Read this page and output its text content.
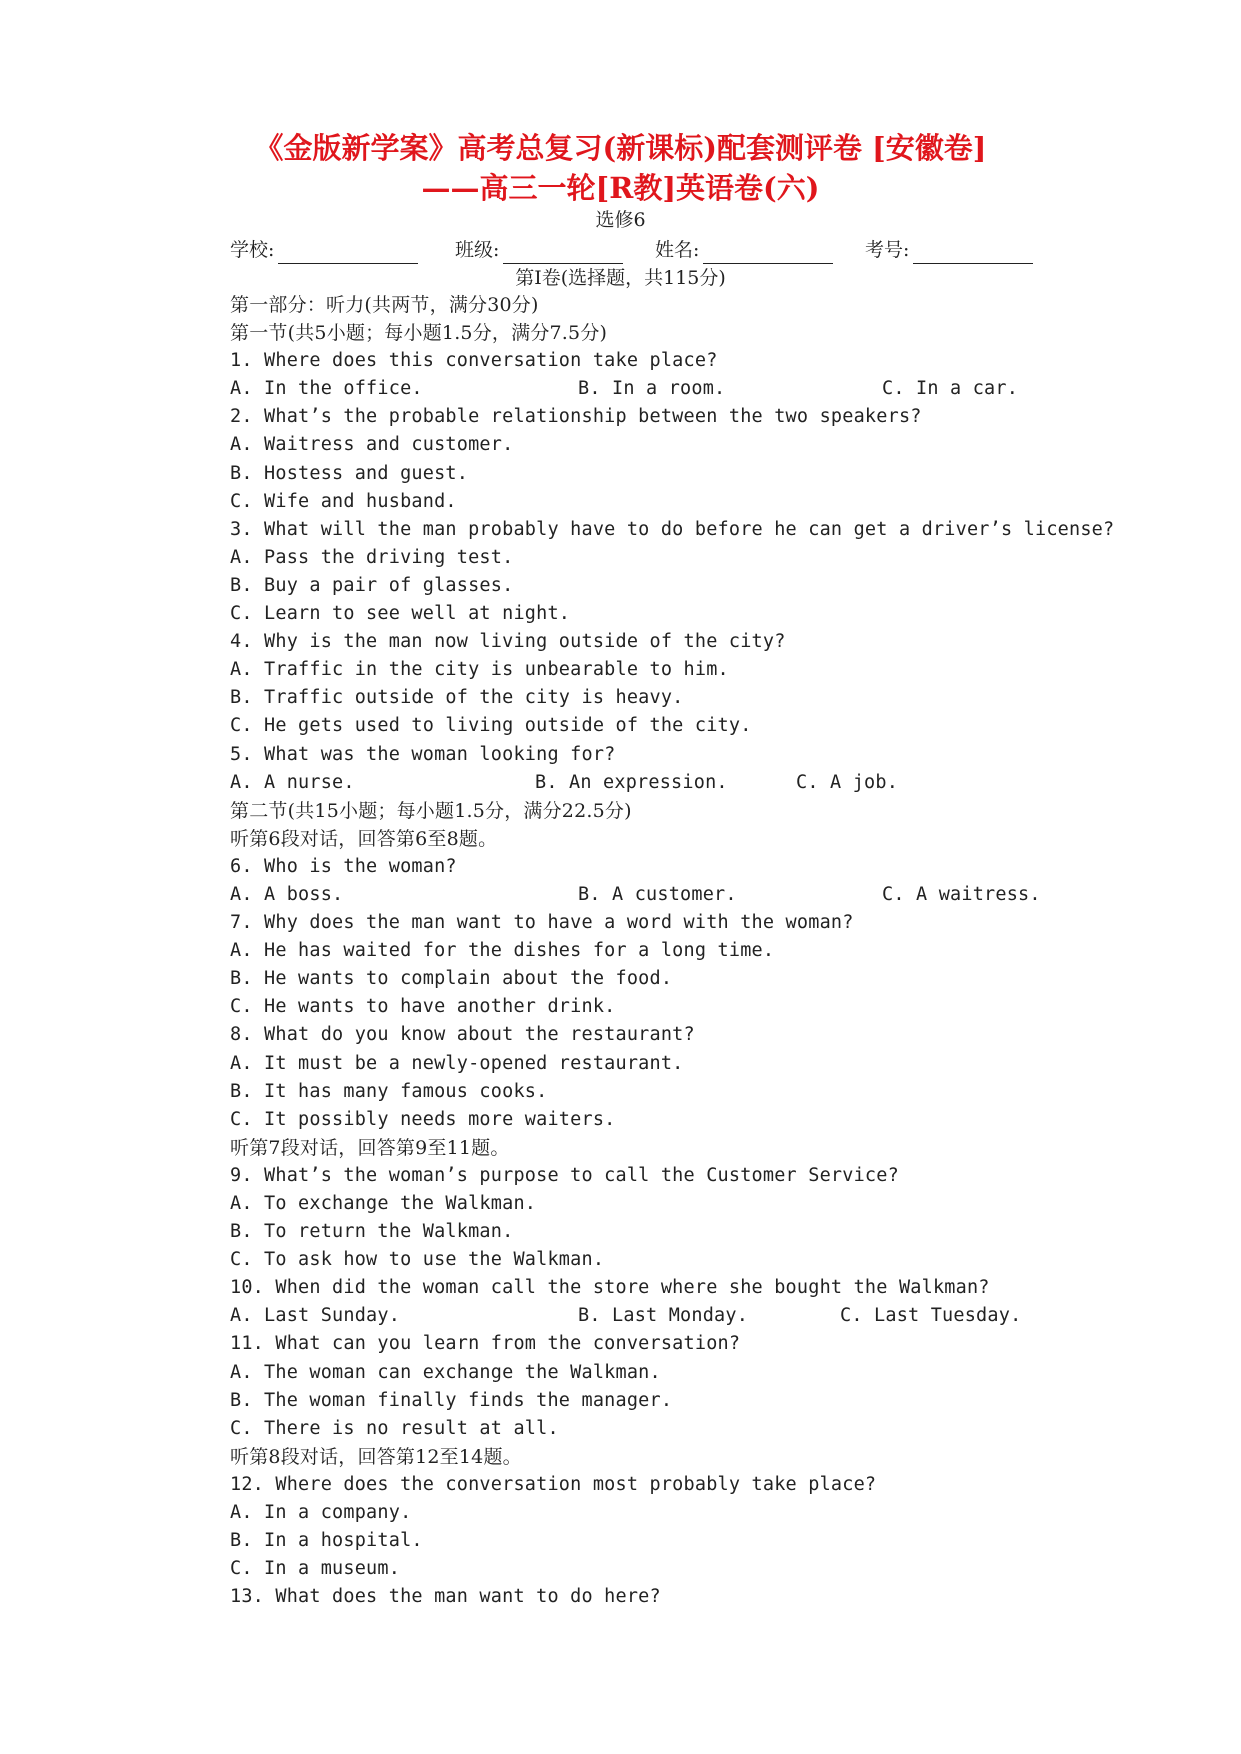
《金版新学案》高考总复习(新课标)配套测评卷 [安徽卷]
——高三一轮[R教]英语卷(六)
选修6
学校:	班级:	姓名:	考号:
第Ⅰ卷(选择题，共115分)
第一部分：听力(共两节，满分30分)
第一节(共5小题；每小题1.5分，满分7.5分)
1. Where does this conversation take place?
A. In the office.	B. In a room.	C. In a car.
2. What’s the probable relationship between the two speakers?
A. Waitress and customer.
B. Hostess and guest.
C. Wife and husband.
3. What will the man probably have to do before he can get a driver’s license?
A. Pass the driving test.
B. Buy a pair of glasses.
C. Learn to see well at night.
4. Why is the man now living outside of the city?
A. Traffic in the city is unbearable to him.
B. Traffic outside of the city is heavy.
C. He gets used to living outside of the city.
5. What was the woman looking for?
A. A nurse.	B. An expression.	C. A job.
第二节(共15小题；每小题1.5分，满分22.5分)
听第6段对话，回答第6至8题。
6. Who is the woman?
A. A boss.	B. A customer.	C. A waitress.
7. Why does the man want to have a word with the woman?
A. He has waited for the dishes for a long time.
B. He wants to complain about the food.
C. He wants to have another drink.
8. What do you know about the restaurant?
A. It must be a newly-opened restaurant.
B. It has many famous cooks.
C. It possibly needs more waiters.
听第7段对话，回答第9至11题。
9. What’s the woman’s purpose to call the Customer Service?
A. To exchange the Walkman.
B. To return the Walkman.
C. To ask how to use the Walkman.
10. When did the woman call the store where she bought the Walkman?
A. Last Sunday.	B. Last Monday.	C. Last Tuesday.
11. What can you learn from the conversation?
A. The woman can exchange the Walkman.
B. The woman finally finds the manager.
C. There is no result at all.
听第8段对话，回答第12至14题。
12. Where does the conversation most probably take place?
A. In a company.
B. In a hospital.
C. In a museum.
13. What does the man want to do here?
